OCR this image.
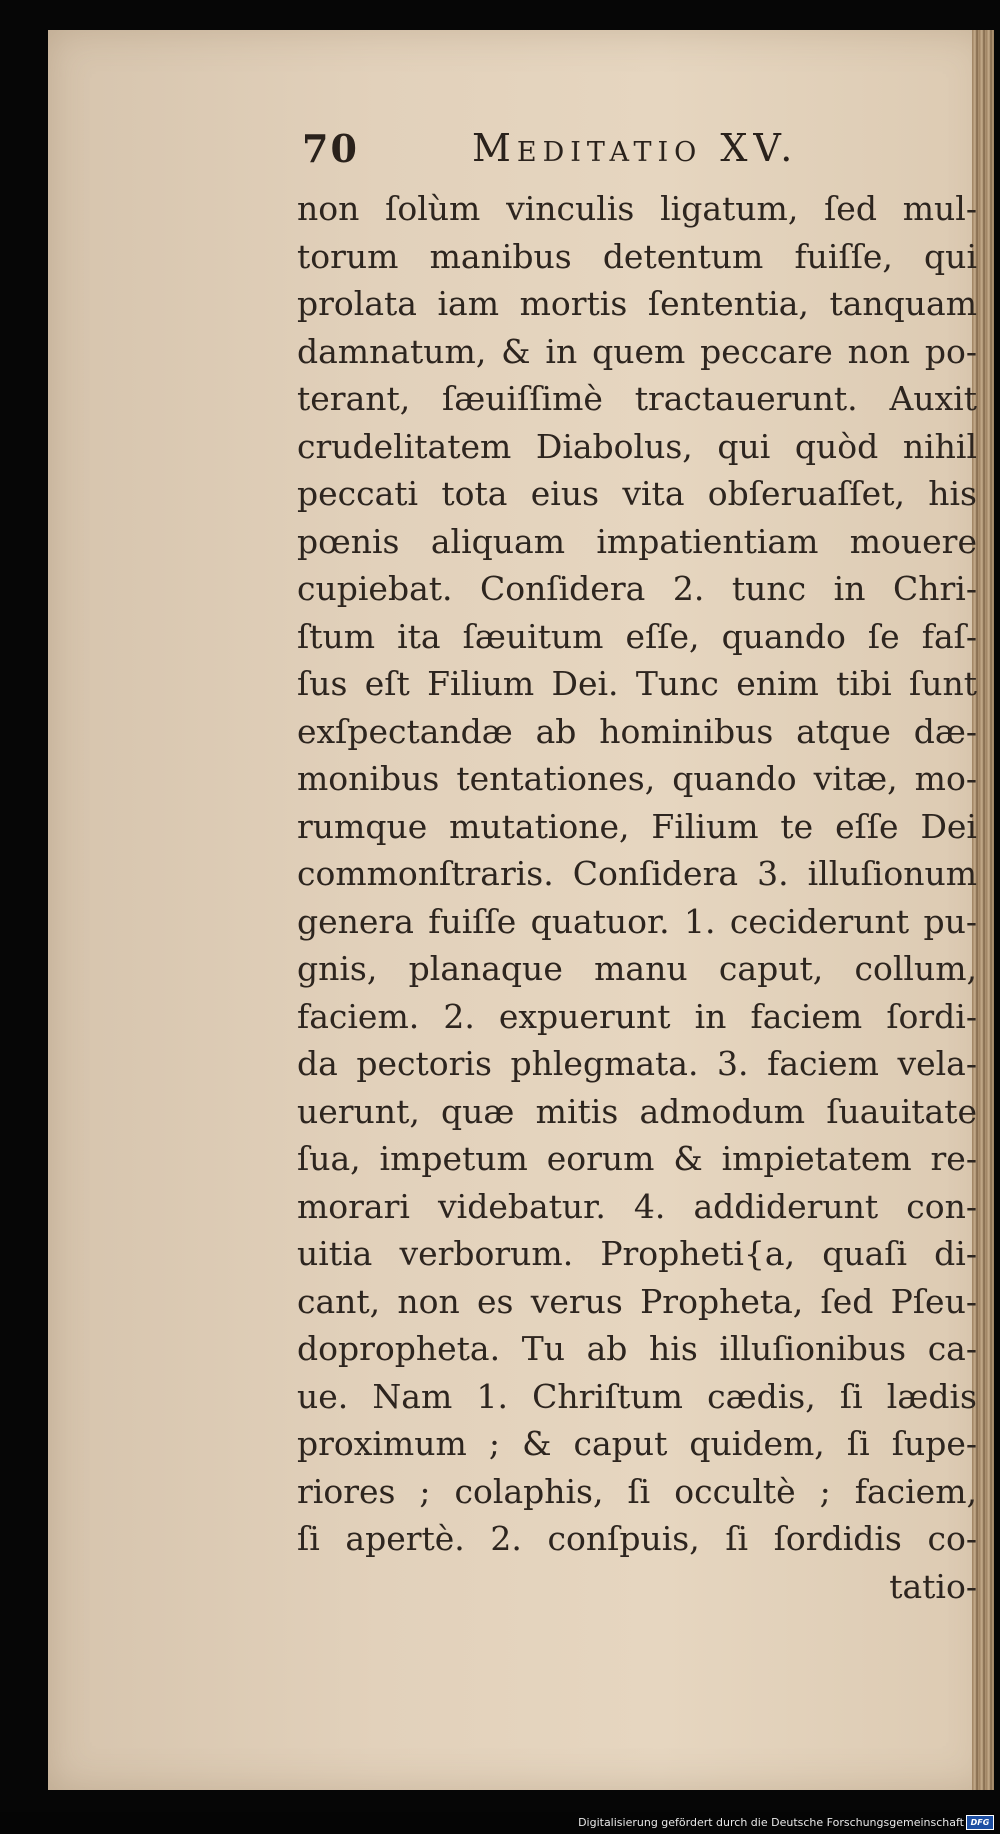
70	Meditatio XV.
non ſolùm vinculis ligatum, ſed mul-
torum manibus detentum fuiſſe, qui
prolata iam mortis ſententia, tanquam
damnatum, & in quem peccare non po-
terant, ſæuiſſimè tractauerunt. Auxit
crudelitatem Diabolus, qui quòd nihil
peccati tota eius vita obſeruaſſet, his
pœnis aliquam impatientiam mouere
cupiebat. Conſidera 2. tunc in Chri-
ſtum ita ſæuitum eſſe, quando ſe faſ-
ſus eſt Filium Dei. Tunc enim tibi ſunt
exſpectandæ ab hominibus atque dæ-
monibus tentationes, quando vitæ, mo-
rumque mutatione, Filium te eſſe Dei
commonſtraris. Conſidera 3. illuſionum
genera fuiſſe quatuor. 1. ceciderunt pu-
gnis, planaque manu caput, collum,
faciem. 2. expuerunt in faciem ſordi-
da pectoris phlegmata. 3. faciem vela-
uerunt, quæ mitis admodum ſuauitate
ſua, impetum eorum & impietatem re-
morari videbatur. 4. addiderunt con-
uitia verborum. Propheti{a, quaſi di-
cant, non es verus Propheta, ſed Pſeu-
dopropheta. Tu ab his illuſionibus ca-
ue. Nam 1. Chriſtum cædis, ſi lædis
proximum ; & caput quidem, ſi ſupe-
riores ; colaphis, ſi occultè ; faciem,
ſi apertè. 2. conſpuis, ſi ſordidis co-
tatio-
Digitalisierung gefördert durch die Deutsche Forschungsgemeinschaft DFG
